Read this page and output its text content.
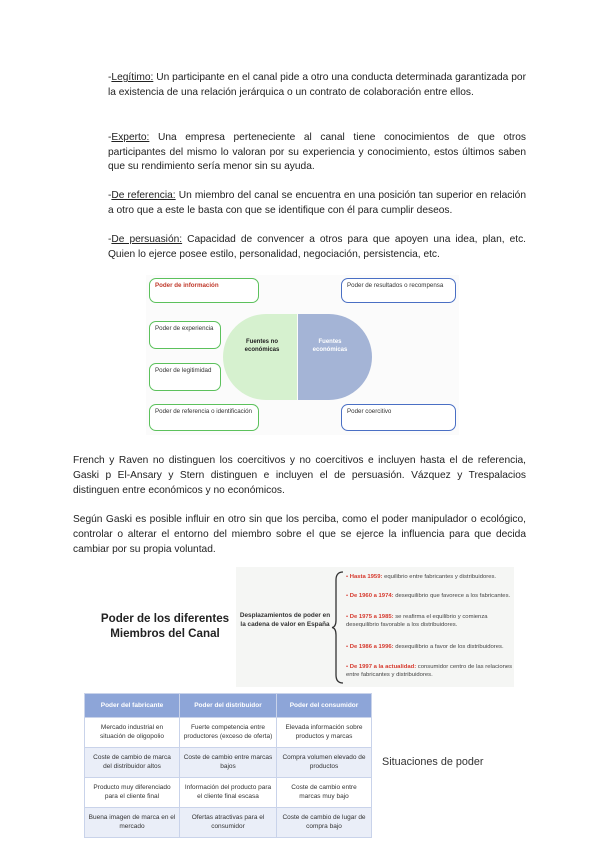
-Legítimo: Un participante en el canal pide a otro una conducta determinada garantizada por la existencia de una relación jerárquica o un contrato de colaboración entre ellos.
-Experto: Una empresa perteneciente al canal tiene conocimientos de que otros participantes del mismo lo valoran por su experiencia y conocimiento, estos últimos saben que su rendimiento sería menor sin su ayuda.
-De referencia: Un miembro del canal se encuentra en una posición tan superior en relación a otro que a este le basta con que se identifique con él para cumplir deseos.
-De persuasión: Capacidad de convencer a otros para que apoyen una idea, plan, etc. Quien lo ejerce posee estilo, personalidad, negociación, persistencia, etc.
Poder de información
Poder de experiencia
Poder de legitimidad
Poder de referencia o identificación
Fuentes no económicas
Fuentes económicas
Poder de resultados o recompensa
Poder coercitivo
French y Raven no distinguen los coercitivos y no coercitivos e incluyen hasta el de referencia, Gaski p El-Ansary y Stern distinguen e incluyen el de persuasión. Vázquez y Trespalacios distinguen entre económicos y no económicos.
Según Gaski es posible influir en otro sin que los perciba, como el poder manipulador o ecológico, controlar o alterar el entorno del miembro sobre el que se ejerce la influencia para que decida cambiar por su propia voluntad.
Poder de los diferentes Miembros del Canal
Desplazamientos de poder en la cadena de valor en España
• Hasta 1959: equilibrio entre fabricantes y distribuidores.
• De 1960 a 1974: desequilibrio que favorece a los fabricantes.
• De 1975 a 1985: se reafirma el equilibrio y comienza desequilibrio favorable a los distribuidores.
• De 1986 a 1996: desequilibrio a favor de los distribuidores.
• De 1997 a la actualidad: consumidor centro de las relaciones entre fabricantes y distribuidores.
Poder del fabricante	Poder del distribuidor	Poder del consumidor
Mercado industrial en situación de oligopolio	Fuerte competencia entre productores (exceso de oferta)	Elevada información sobre productos y marcas
Coste de cambio de marca del distribuidor altos	Coste de cambio entre marcas bajos	Compra volumen elevado de productos
Producto muy diferenciado para el cliente final	Información del producto para el cliente final escasa	Coste de cambio entre marcas muy bajo
Buena imagen de marca en el mercado	Ofertas atractivas para el consumidor	Coste de cambio de lugar de compra bajo
Situaciones de poder
